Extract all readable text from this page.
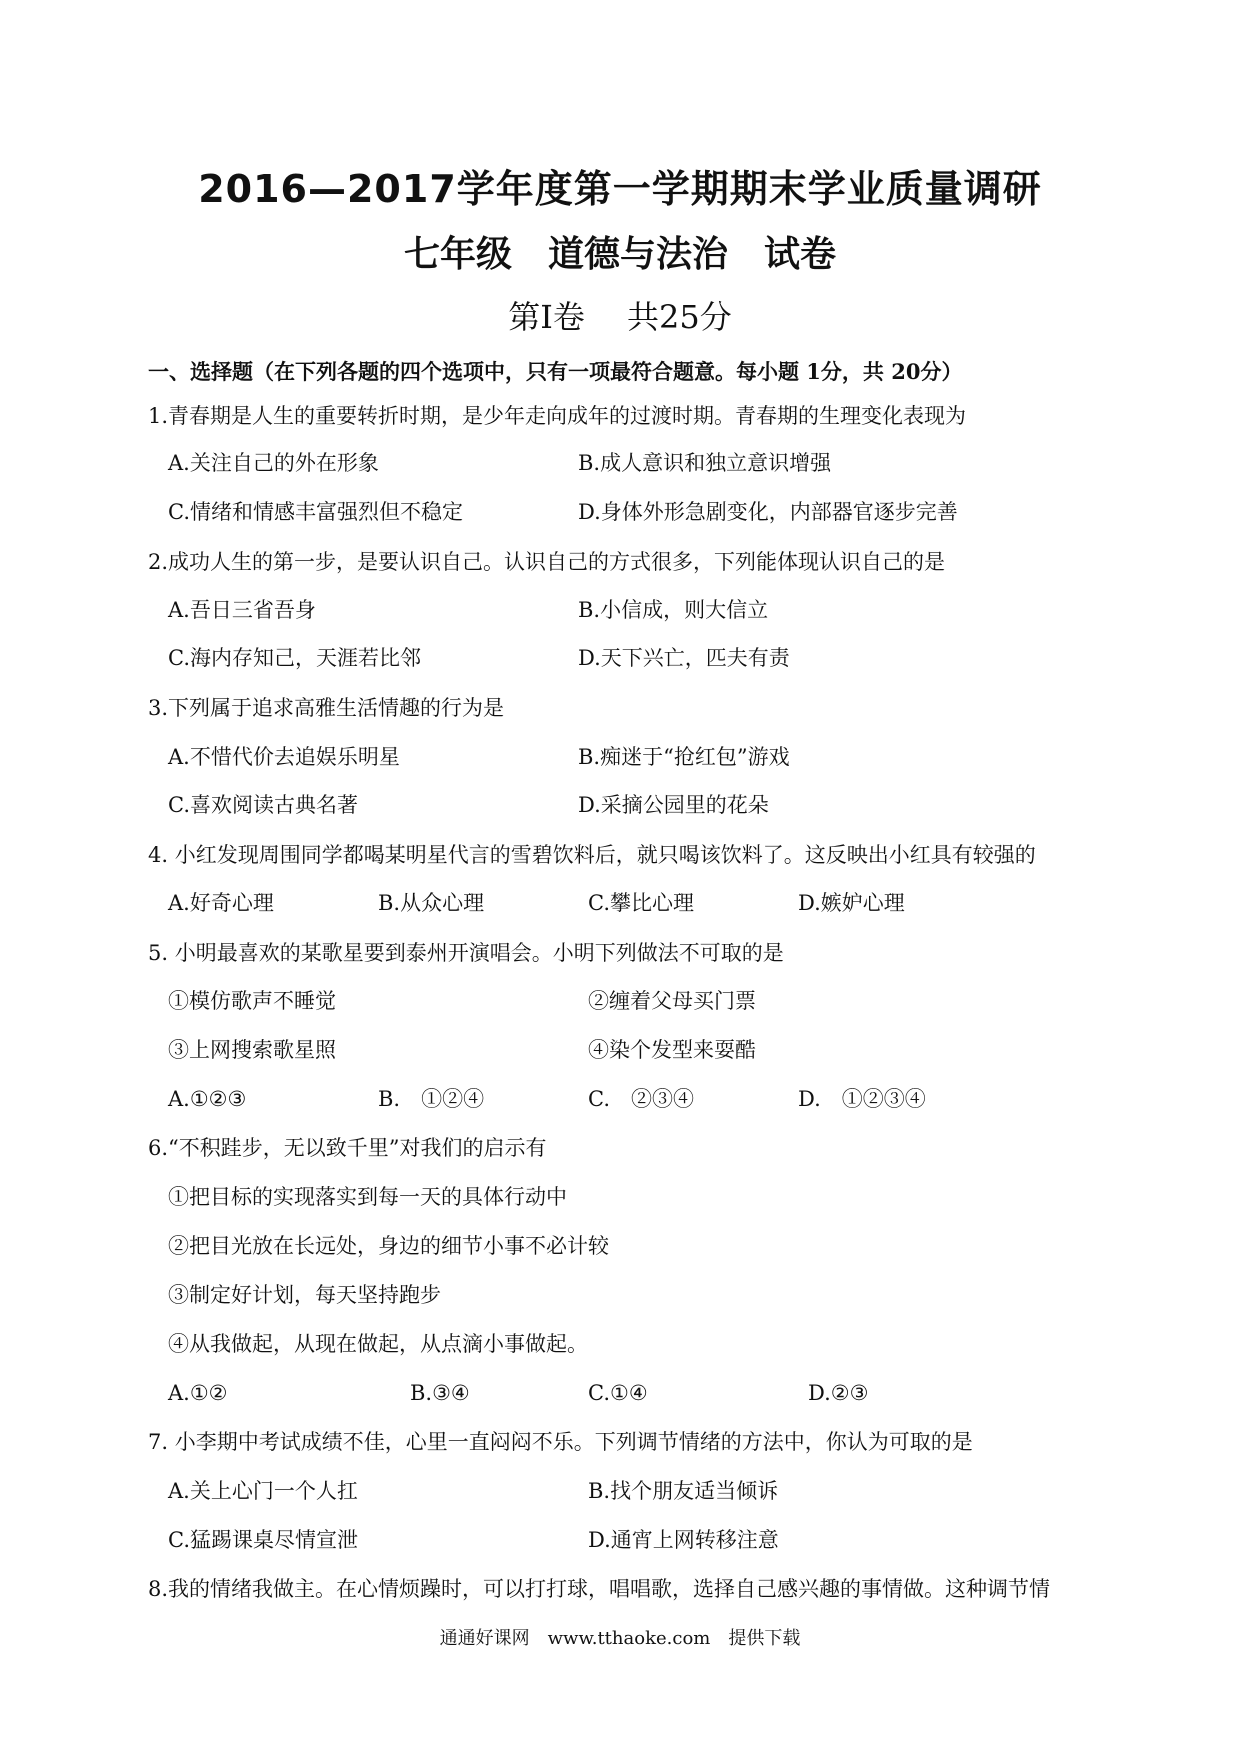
2016—2017学年度第一学期期末学业质量调研
七年级　道德与法治　试卷
第Ⅰ卷　 共25分
一、选择题（在下列各题的四个选项中，只有一项最符合题意。每小题 1分，共 20分）
1.青春期是人生的重要转折时期，是少年走向成年的过渡时期。青春期的生理变化表现为
A.关注自己的外在形象	B.成人意识和独立意识增强
C.情绪和情感丰富强烈但不稳定	D.身体外形急剧变化，内部器官逐步完善
2.成功人生的第一步，是要认识自己。认识自己的方式很多，下列能体现认识自己的是
A.吾日三省吾身	B.小信成，则大信立
C.海内存知己，天涯若比邻	D.天下兴亡，匹夫有责
3.下列属于追求高雅生活情趣的行为是
A.不惜代价去追娱乐明星	B.痴迷于“抢红包”游戏
C.喜欢阅读古典名著	D.采摘公园里的花朵
4. 小红发现周围同学都喝某明星代言的雪碧饮料后，就只喝该饮料了。这反映出小红具有较强的
A.好奇心理	B.从众心理	C.攀比心理	D.嫉妒心理
5. 小明最喜欢的某歌星要到泰州开演唱会。小明下列做法不可取的是
①模仿歌声不睡觉	②缠着父母买门票
③上网搜索歌星照	④染个发型来耍酷
A.①②③	B.　①②④	C.　②③④	D.　①②③④
6.“不积跬步，无以致千里”对我们的启示有
①把目标的实现落实到每一天的具体行动中
②把目光放在长远处，身边的细节小事不必计较
③制定好计划，每天坚持跑步
④从我做起，从现在做起，从点滴小事做起。
A.①②	B.③④	C.①④	D.②③
7. 小李期中考试成绩不佳，心里一直闷闷不乐。下列调节情绪的方法中，你认为可取的是
A.关上心门一个人扛	B.找个朋友适当倾诉
C.猛踢课桌尽情宣泄	D.通宵上网转移注意
8.我的情绪我做主。在心情烦躁时，可以打打球，唱唱歌，选择自己感兴趣的事情做。这种调节情
通通好课网　www.tthaoke.com　提供下载
